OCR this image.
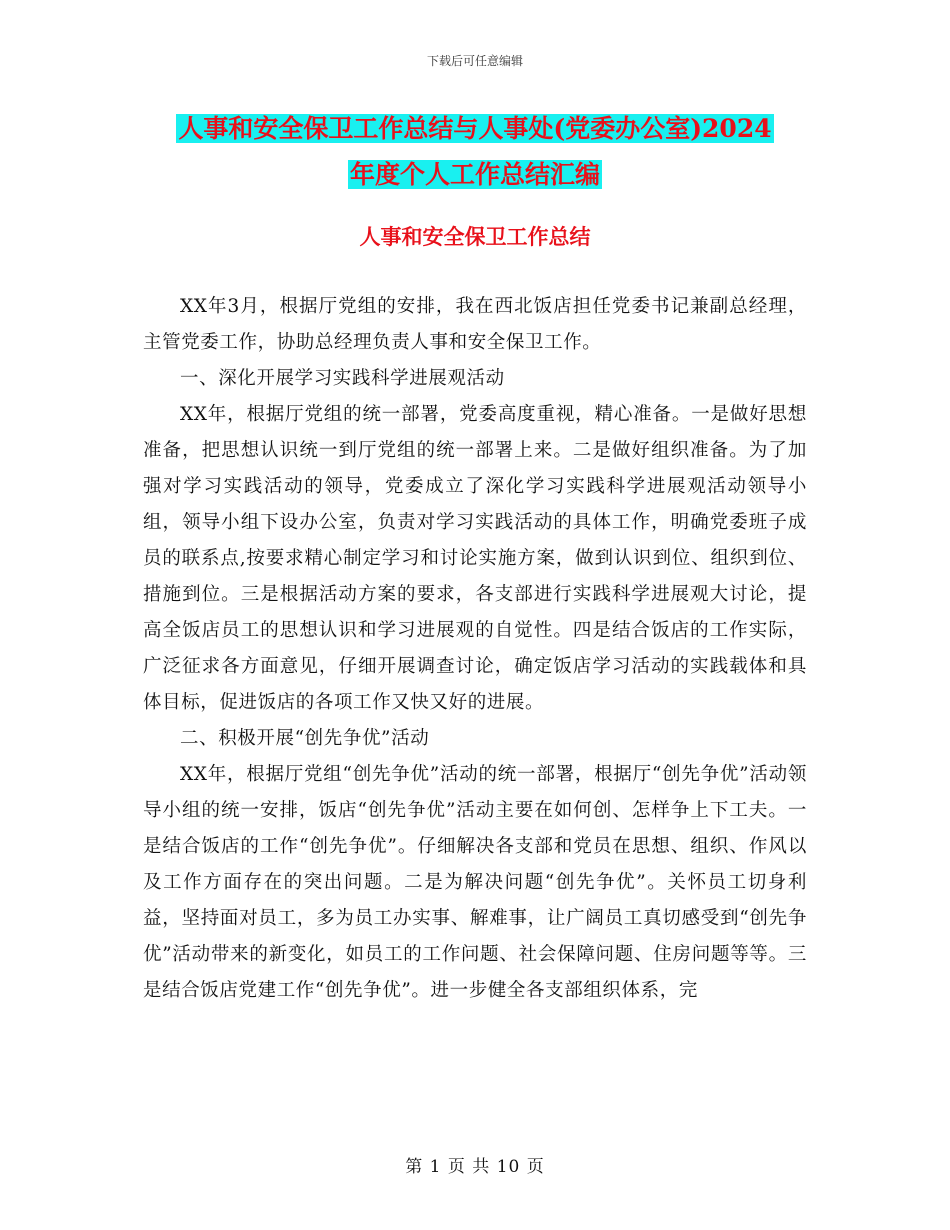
下载后可任意编辑
人事和安全保卫工作总结与人事处(党委办公室)2024
年度个人工作总结汇编
人事和安全保卫工作总结

XX年3月，根据厅党组的安排，我在西北饭店担任党委书记兼副总经理，主管党委工作，协助总经理负责人事和安全保卫工作。

一、深化开展学习实践科学进展观活动

XX年，根据厅党组的统一部署，党委高度重视，精心准备。一是做好思想准备，把思想认识统一到厅党组的统一部署上来。二是做好组织准备。为了加强对学习实践活动的领导，党委成立了深化学习实践科学进展观活动领导小组，领导小组下设办公室，负责对学习实践活动的具体工作，明确党委班子成员的联系点,按要求精心制定学习和讨论实施方案，做到认识到位、组织到位、措施到位。三是根据活动方案的要求，各支部进行实践科学进展观大讨论，提高全饭店员工的思想认识和学习进展观的自觉性。四是结合饭店的工作实际，广泛征求各方面意见，仔细开展调查讨论，确定饭店学习活动的实践载体和具体目标，促进饭店的各项工作又快又好的进展。

二、积极开展“创先争优”活动

XX年，根据厅党组“创先争优”活动的统一部署，根据厅“创先争优”活动领导小组的统一安排，饭店“创先争优”活动主要在如何创、怎样争上下工夫。一是结合饭店的工作“创先争优”。仔细解决各支部和党员在思想、组织、作风以及工作方面存在的突出问题。二是为解决问题“创先争优”。关怀员工切身利益，坚持面对员工，多为员工办实事、解难事，让广阔员工真切感受到“创先争优”活动带来的新变化，如员工的工作问题、社会保障问题、住房问题等等。三是结合饭店党建工作“创先争优”。进一步健全各支部组织体系，完

第 1 页 共 10 页
